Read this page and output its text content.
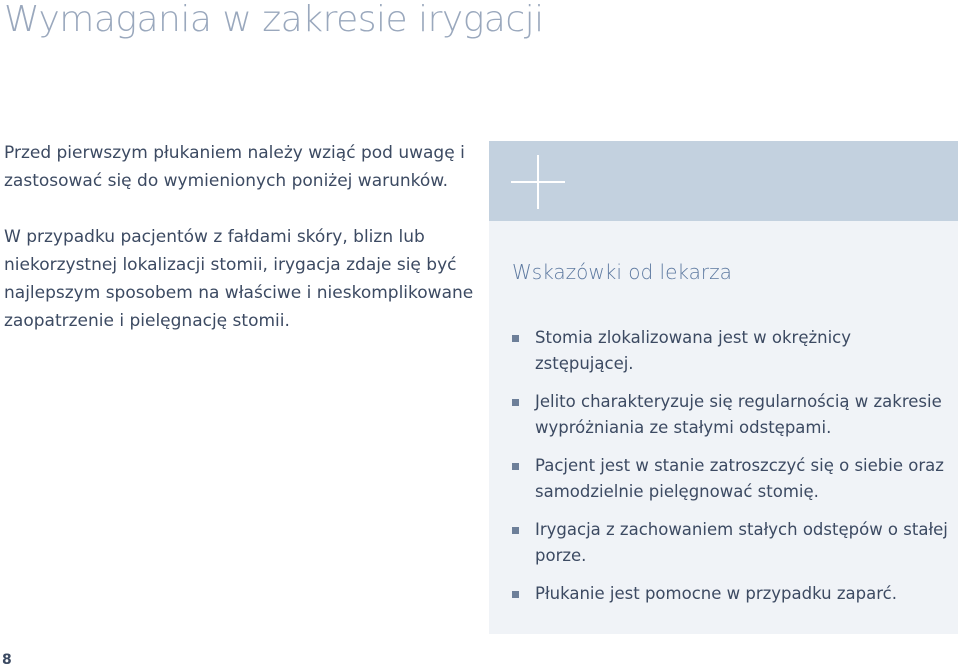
Wymagania w zakresie irygacji

Przed pierwszym płukaniem należy wziąć pod uwagę i zastosować się do wymienionych poniżej warunków.

W przypadku pacjentów z fałdami skóry, blizn lub niekorzystnej lokalizacji stomii, irygacja zdaje się być najlepszym sposobem na właściwe i nieskomplikowane zaopatrzenie i pielęgnację stomii.

Wskazówki od lekarza
Stomia zlokalizowana jest w okrężnicy zstępującej.
Jelito charakteryzuje się regularnością w zakresie wypróżniania ze stałymi odstępami.
Pacjent jest w stanie zatroszczyć się o siebie oraz samodzielnie pielęgnować stomię.
Irygacja z zachowaniem stałych odstępów o stałej porze.
Płukanie jest pomocne w przypadku zaparć.
8
